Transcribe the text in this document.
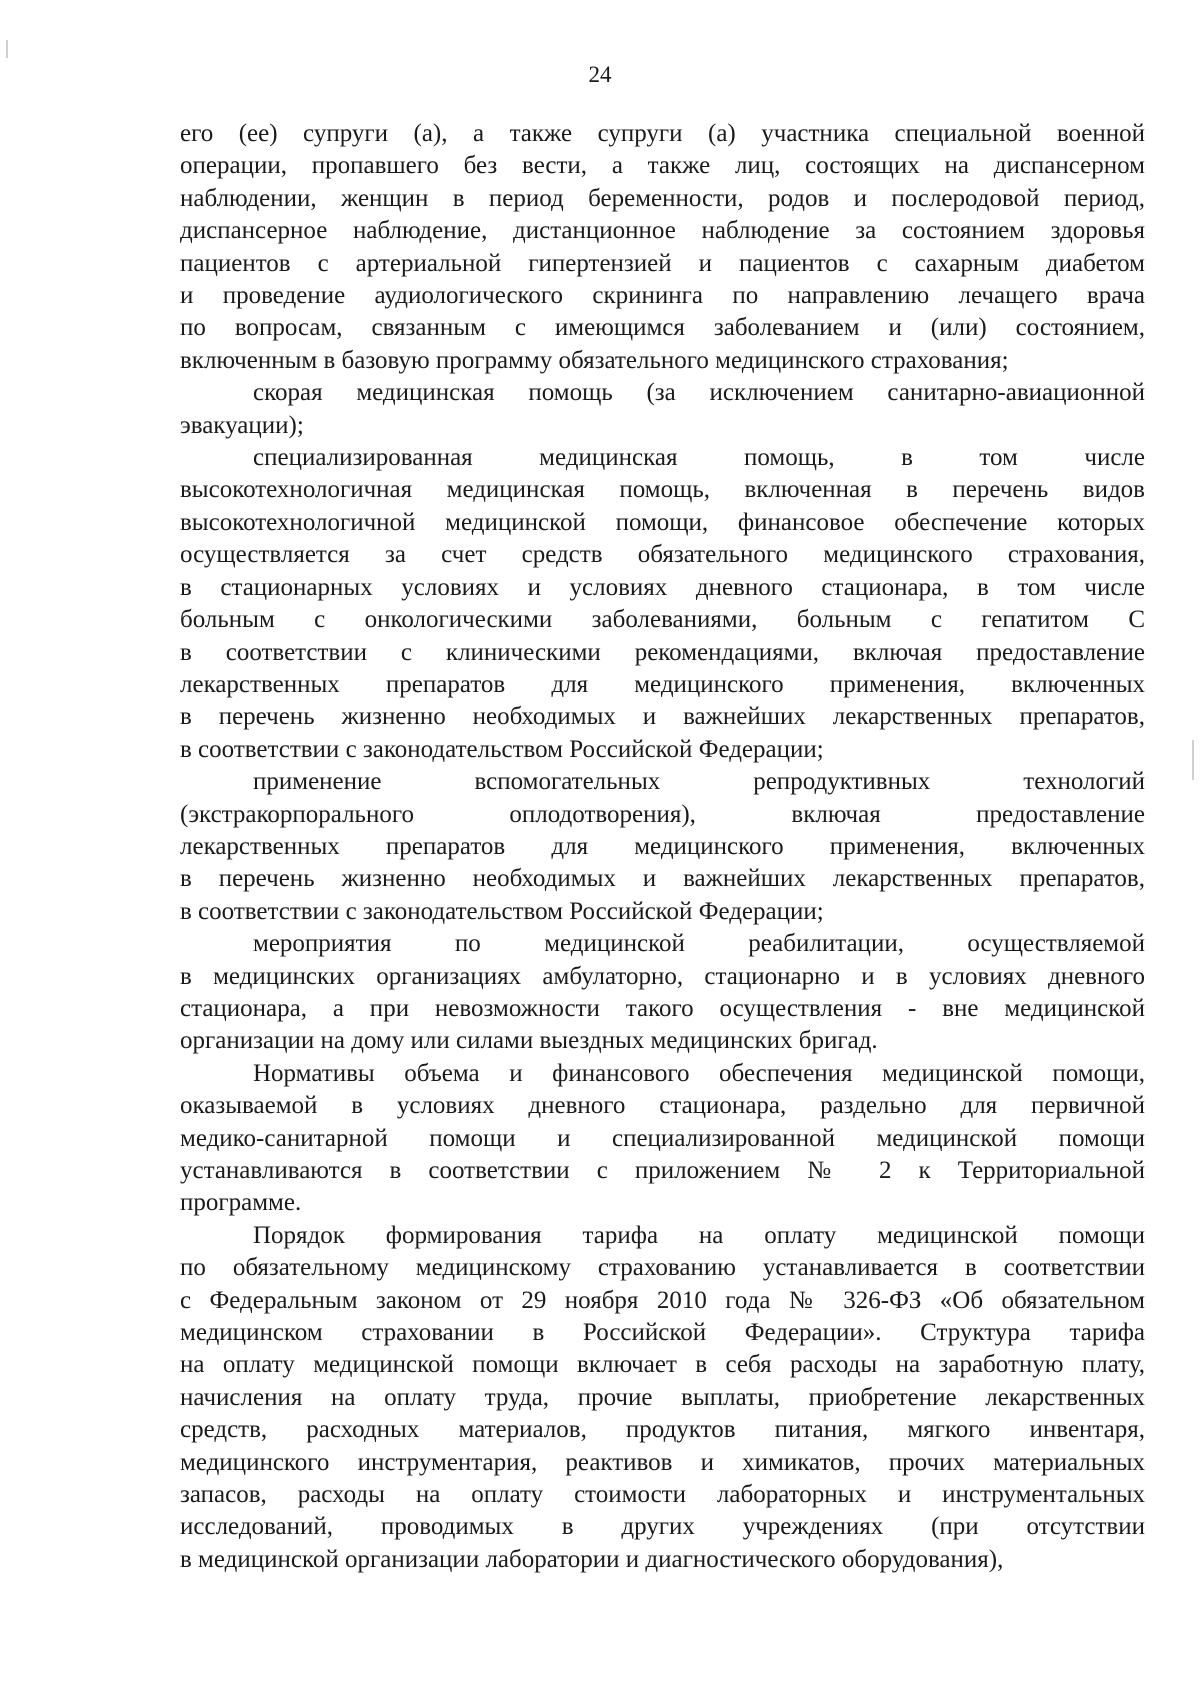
24

его (ее) супруги (а), а также супруги (а) участника специальной военной
операции, пропавшего без вести, а также лиц, состоящих на диспансерном
наблюдении, женщин в период беременности, родов и послеродовой период,
диспансерное наблюдение, дистанционное наблюдение за состоянием здоровья
пациентов с артериальной гипертензией и пациентов с сахарным диабетом
и проведение аудиологического скрининга по направлению лечащего врача
по вопросам, связанным с имеющимся заболеванием и (или) состоянием,
включенным в базовую программу обязательного медицинского страхования;

скорая медицинская помощь (за исключением санитарно-авиационной
эвакуации);

специализированная медицинская помощь, в том числе
высокотехнологичная медицинская помощь, включенная в перечень видов
высокотехнологичной медицинской помощи, финансовое обеспечение которых
осуществляется за счет средств обязательного медицинского страхования,
в стационарных условиях и условиях дневного стационара, в том числе
больным с онкологическими заболеваниями, больным с гепатитом С
в соответствии с клиническими рекомендациями, включая предоставление
лекарственных препаратов для медицинского применения, включенных
в перечень жизненно необходимых и важнейших лекарственных препаратов,
в соответствии с законодательством Российской Федерации;

применение вспомогательных репродуктивных технологий
(экстракорпорального оплодотворения), включая предоставление
лекарственных препаратов для медицинского применения, включенных
в перечень жизненно необходимых и важнейших лекарственных препаратов,
в соответствии с законодательством Российской Федерации;

мероприятия по медицинской реабилитации, осуществляемой
в медицинских организациях амбулаторно, стационарно и в условиях дневного
стационара, а при невозможности такого осуществления - вне медицинской
организации на дому или силами выездных медицинских бригад.

Нормативы объема и финансового обеспечения медицинской помощи,
оказываемой в условиях дневного стационара, раздельно для первичной
медико-санитарной помощи и специализированной медицинской помощи
устанавливаются в соответствии с приложением № 2 к Территориальной
программе.

Порядок формирования тарифа на оплату медицинской помощи
по обязательному медицинскому страхованию устанавливается в соответствии
с Федеральным законом от 29 ноября 2010 года № 326-ФЗ «Об обязательном
медицинском страховании в Российской Федерации». Структура тарифа
на оплату медицинской помощи включает в себя расходы на заработную плату,
начисления на оплату труда, прочие выплаты, приобретение лекарственных
средств, расходных материалов, продуктов питания, мягкого инвентаря,
медицинского инструментария, реактивов и химикатов, прочих материальных
запасов, расходы на оплату стоимости лабораторных и инструментальных
исследований, проводимых в других учреждениях (при отсутствии
в медицинской организации лаборатории и диагностического оборудования),
